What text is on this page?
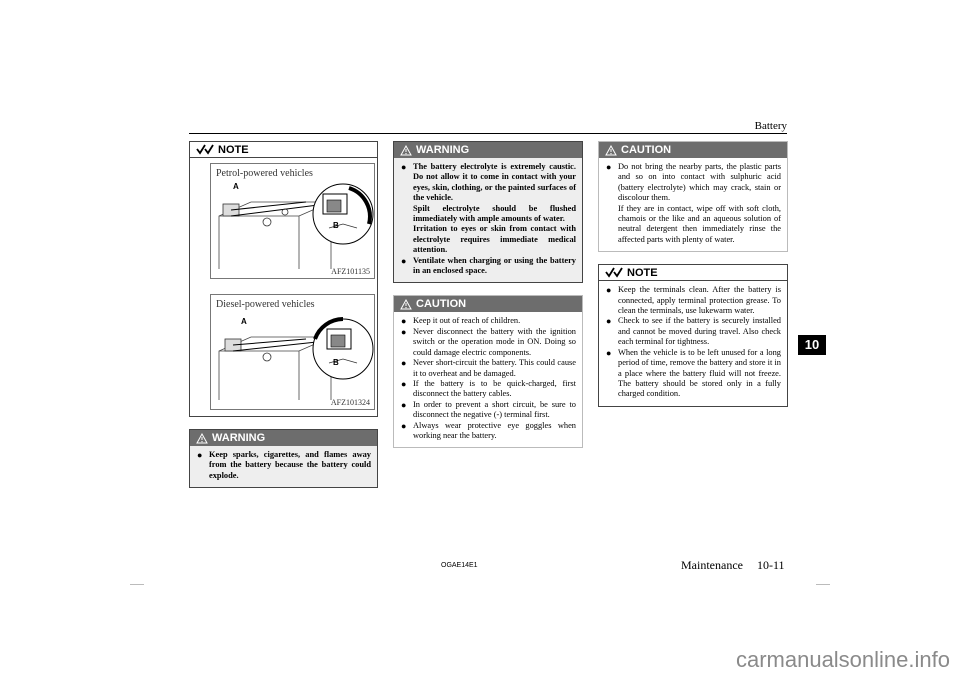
Battery
10
NOTE
Petrol-powered vehicles
A
B
AFZ101135
Diesel-powered vehicles
A
B
AFZ101324
WARNING
● Keep sparks, cigarettes, and flames away from the battery because the battery could explode.
WARNING
● The battery electrolyte is extremely caustic. Do not allow it to come in contact with your eyes, skin, clothing, or the painted surfaces of the vehicle.
Spilt electrolyte should be flushed immediately with ample amounts of water.
Irritation to eyes or skin from contact with electrolyte requires immediate medical attention.
● Ventilate when charging or using the battery in an enclosed space.
CAUTION
● Keep it out of reach of children.
● Never disconnect the battery with the ignition switch or the operation mode in ON. Doing so could damage electric components.
● Never short-circuit the battery. This could cause it to overheat and be damaged.
● If the battery is to be quick-charged, first disconnect the battery cables.
● In order to prevent a short circuit, be sure to disconnect the negative (-) terminal first.
● Always wear protective eye goggles when working near the battery.
CAUTION
● Do not bring the nearby parts, the plastic parts and so on into contact with sulphuric acid (battery electrolyte) which may crack, stain or discolour them.
If they are in contact, wipe off with soft cloth, chamois or the like and an aqueous solution of neutral detergent then immediately rinse the affected parts with plenty of water.
NOTE
● Keep the terminals clean. After the battery is connected, apply terminal protection grease. To clean the terminals, use lukewarm water.
● Check to see if the battery is securely installed and cannot be moved during travel. Also check each terminal for tightness.
● When the vehicle is to be left unused for a long period of time, remove the battery and store it in a place where the battery fluid will not freeze. The battery should be stored only in a fully charged condition.
OGAE14E1	Maintenance 10-11
carmanualsonline.info
